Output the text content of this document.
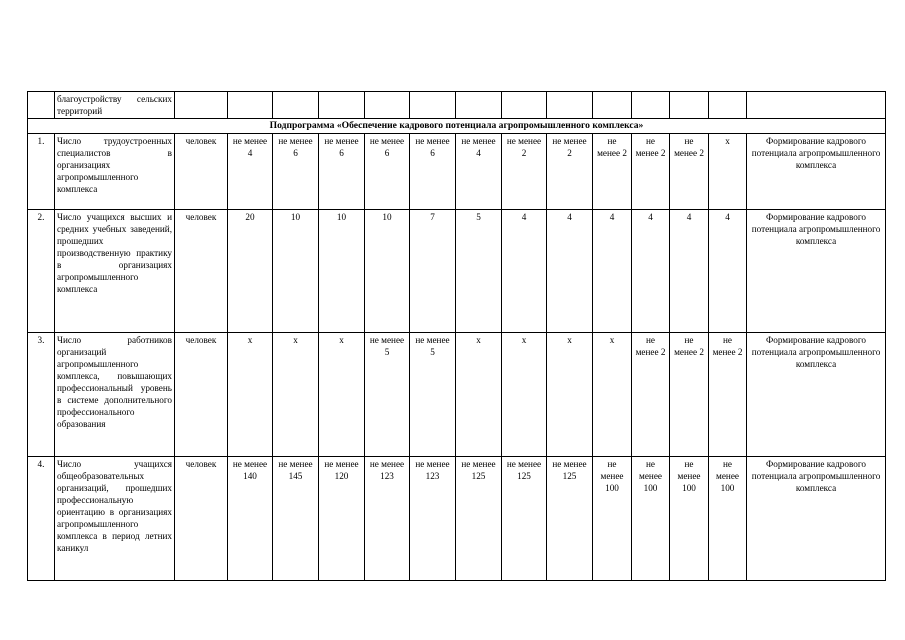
	благоустройству сельских территорий														
Подпрограмма «Обеспечение кадрового потенциала агропромышленного комплекса»															
1.	Число трудоустроенных специалистов в организациях агропромышленного комплекса	человек	не менее 4	не менее 6	не менее 6	не менее 6	не менее 6	не менее 4	не менее 2	не менее 2	не менее 2	не менее 2	не менее 2	х	Формирование кадрового потенциала агропромышленного комплекса
2.	Число учащихся высших и средних учебных заведений, прошедших производственную практику в организациях агропромышленного комплекса	человек	20	10	10	10	7	5	4	4	4	4	4	4	Формирование кадрового потенциала агропромышленного комплекса
3.	Число работников организаций агропромышленного комплекса, повышающих профессиональный уровень в системе дополнительного профессионального образования	человек	х	х	х	не менее 5	не менее 5	х	х	х	х	не менее 2	не менее 2	не менее 2	Формирование кадрового потенциала агропромышленного комплекса
4.	Число учащихся общеобразовательных организаций, прошедших профессиональную ориентацию в организациях агропромышленного комплекса в период летних каникул	человек	не менее 140	не менее 145	не менее 120	не менее 123	не менее 123	не менее 125	не менее 125	не менее 125	не менее 100	не менее 100	не менее 100	не менее 100	Формирование кадрового потенциала агропромышленного комплекса
